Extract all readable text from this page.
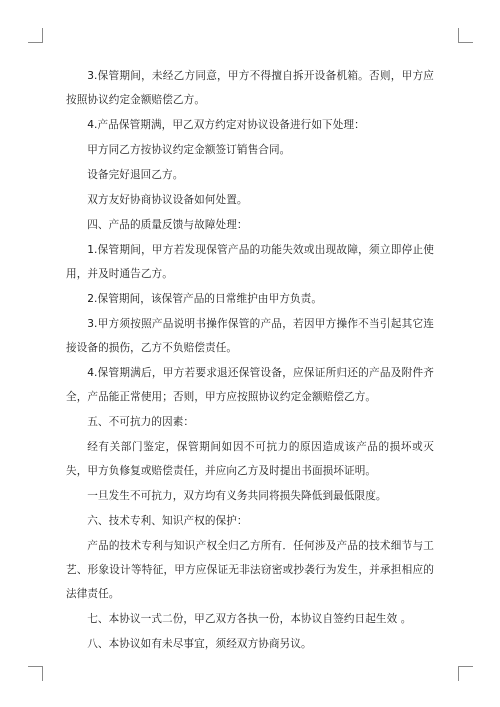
3.保管期间，未经乙方同意，甲方不得擅自拆开设备机箱。否则，甲方应按照协议约定金额赔偿乙方。

4.产品保管期满，甲乙双方约定对协议设备进行如下处理：

甲方同乙方按协议约定金额签订销售合同。

设备完好退回乙方。

双方友好协商协议设备如何处置。

四、产品的质量反馈与故障处理：

1.保管期间，甲方若发现保管产品的功能失效或出现故障，须立即停止使用，并及时通告乙方。

2.保管期间，该保管产品的日常维护由甲方负责。

3.甲方须按照产品说明书操作保管的产品，若因甲方操作不当引起其它连接设备的损伤，乙方不负赔偿责任。

4.保管期满后，甲方若要求退还保管设备，应保证所归还的产品及附件齐全，产品能正常使用；否则，甲方应按照协议约定金额赔偿乙方。

五、不可抗力的因素：

经有关部门鉴定，保管期间如因不可抗力的原因造成该产品的损坏或灭失，甲方负修复或赔偿责任，并应向乙方及时提出书面损坏证明。

一旦发生不可抗力，双方均有义务共同将损失降低到最低限度。

六、技术专利、知识产权的保护：

产品的技术专利与知识产权全归乙方所有．任何涉及产品的技术细节与工艺、形象设计等特征，甲方应保证无非法窃密或抄袭行为发生，并承担相应的法律责任。

七、本协议一式二份，甲乙双方各执一份，本协议自签约日起生效 。

八、本协议如有未尽事宜，须经双方协商另议。
